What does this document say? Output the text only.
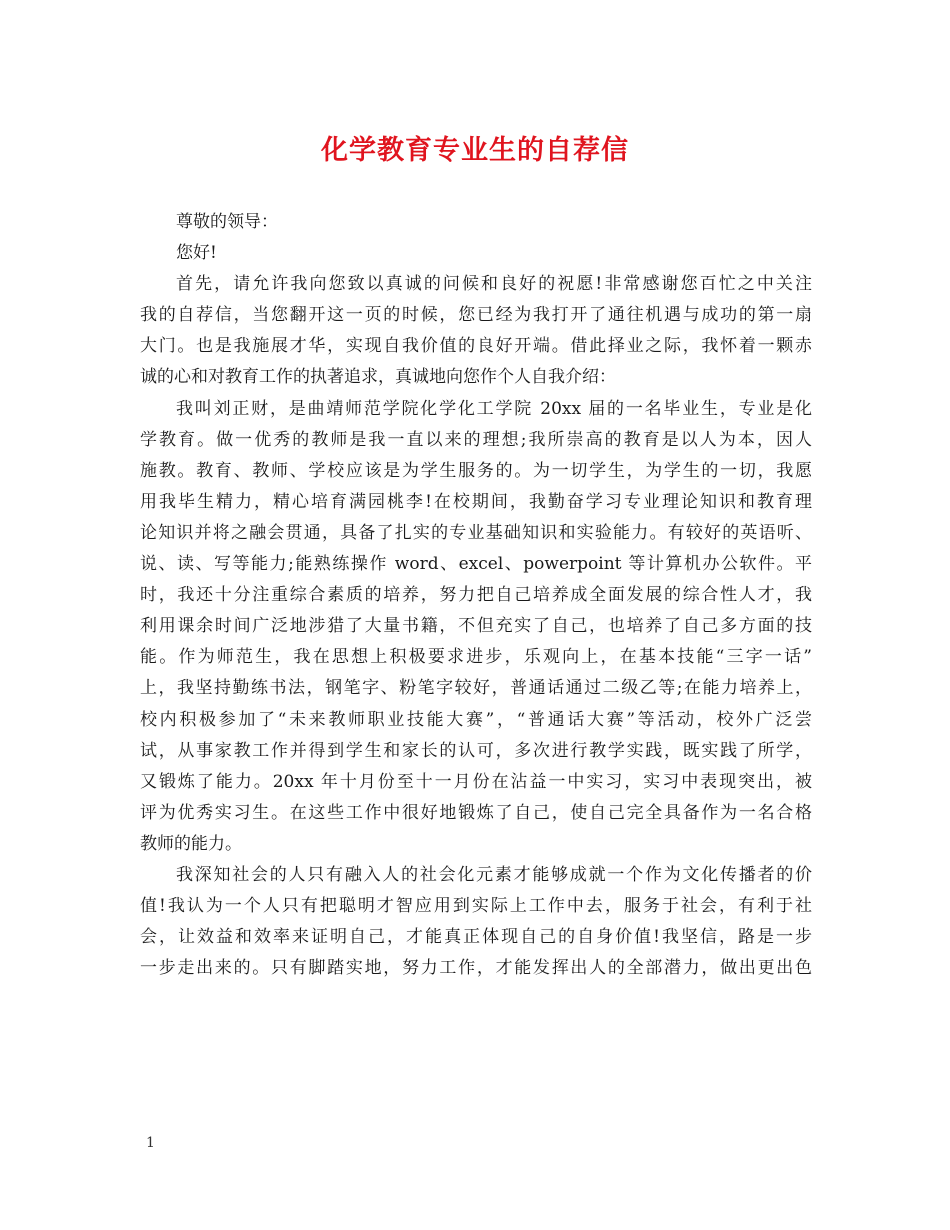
化学教育专业生的自荐信
尊敬的领导：
您好!
首先，请允许我向您致以真诚的问候和良好的祝愿!非常感谢您百忙之中关注
我的自荐信，当您翻开这一页的时候，您已经为我打开了通往机遇与成功的第一扇
大门。也是我施展才华，实现自我价值的良好开端。借此择业之际，我怀着一颗赤
诚的心和对教育工作的执著追求，真诚地向您作个人自我介绍：
我叫刘正财，是曲靖师范学院化学化工学院 20xx 届的一名毕业生，专业是化
学教育。做一优秀的教师是我一直以来的理想;我所崇高的教育是以人为本，因人
施教。教育、教师、学校应该是为学生服务的。为一切学生，为学生的一切，我愿
用我毕生精力，精心培育满园桃李!在校期间，我勤奋学习专业理论知识和教育理
论知识并将之融会贯通，具备了扎实的专业基础知识和实验能力。有较好的英语听、
说、读、写等能力;能熟练操作 word、excel、powerpoint 等计算机办公软件。平
时，我还十分注重综合素质的培养，努力把自己培养成全面发展的综合性人才，我
利用课余时间广泛地涉猎了大量书籍，不但充实了自己，也培养了自己多方面的技
能。作为师范生，我在思想上积极要求进步，乐观向上，在基本技能“三字一话”
上，我坚持勤练书法，钢笔字、粉笔字较好，普通话通过二级乙等;在能力培养上，
校内积极参加了“未来教师职业技能大赛”，“普通话大赛”等活动，校外广泛尝
试，从事家教工作并得到学生和家长的认可，多次进行教学实践，既实践了所学，
又锻炼了能力。20xx 年十月份至十一月份在沾益一中实习，实习中表现突出，被
评为优秀实习生。在这些工作中很好地锻炼了自己，使自己完全具备作为一名合格
教师的能力。
我深知社会的人只有融入人的社会化元素才能够成就一个作为文化传播者的价
值!我认为一个人只有把聪明才智应用到实际上工作中去，服务于社会，有利于社
会，让效益和效率来证明自己，才能真正体现自己的自身价值!我坚信，路是一步
一步走出来的。只有脚踏实地，努力工作，才能发挥出人的全部潜力，做出更出色
1
